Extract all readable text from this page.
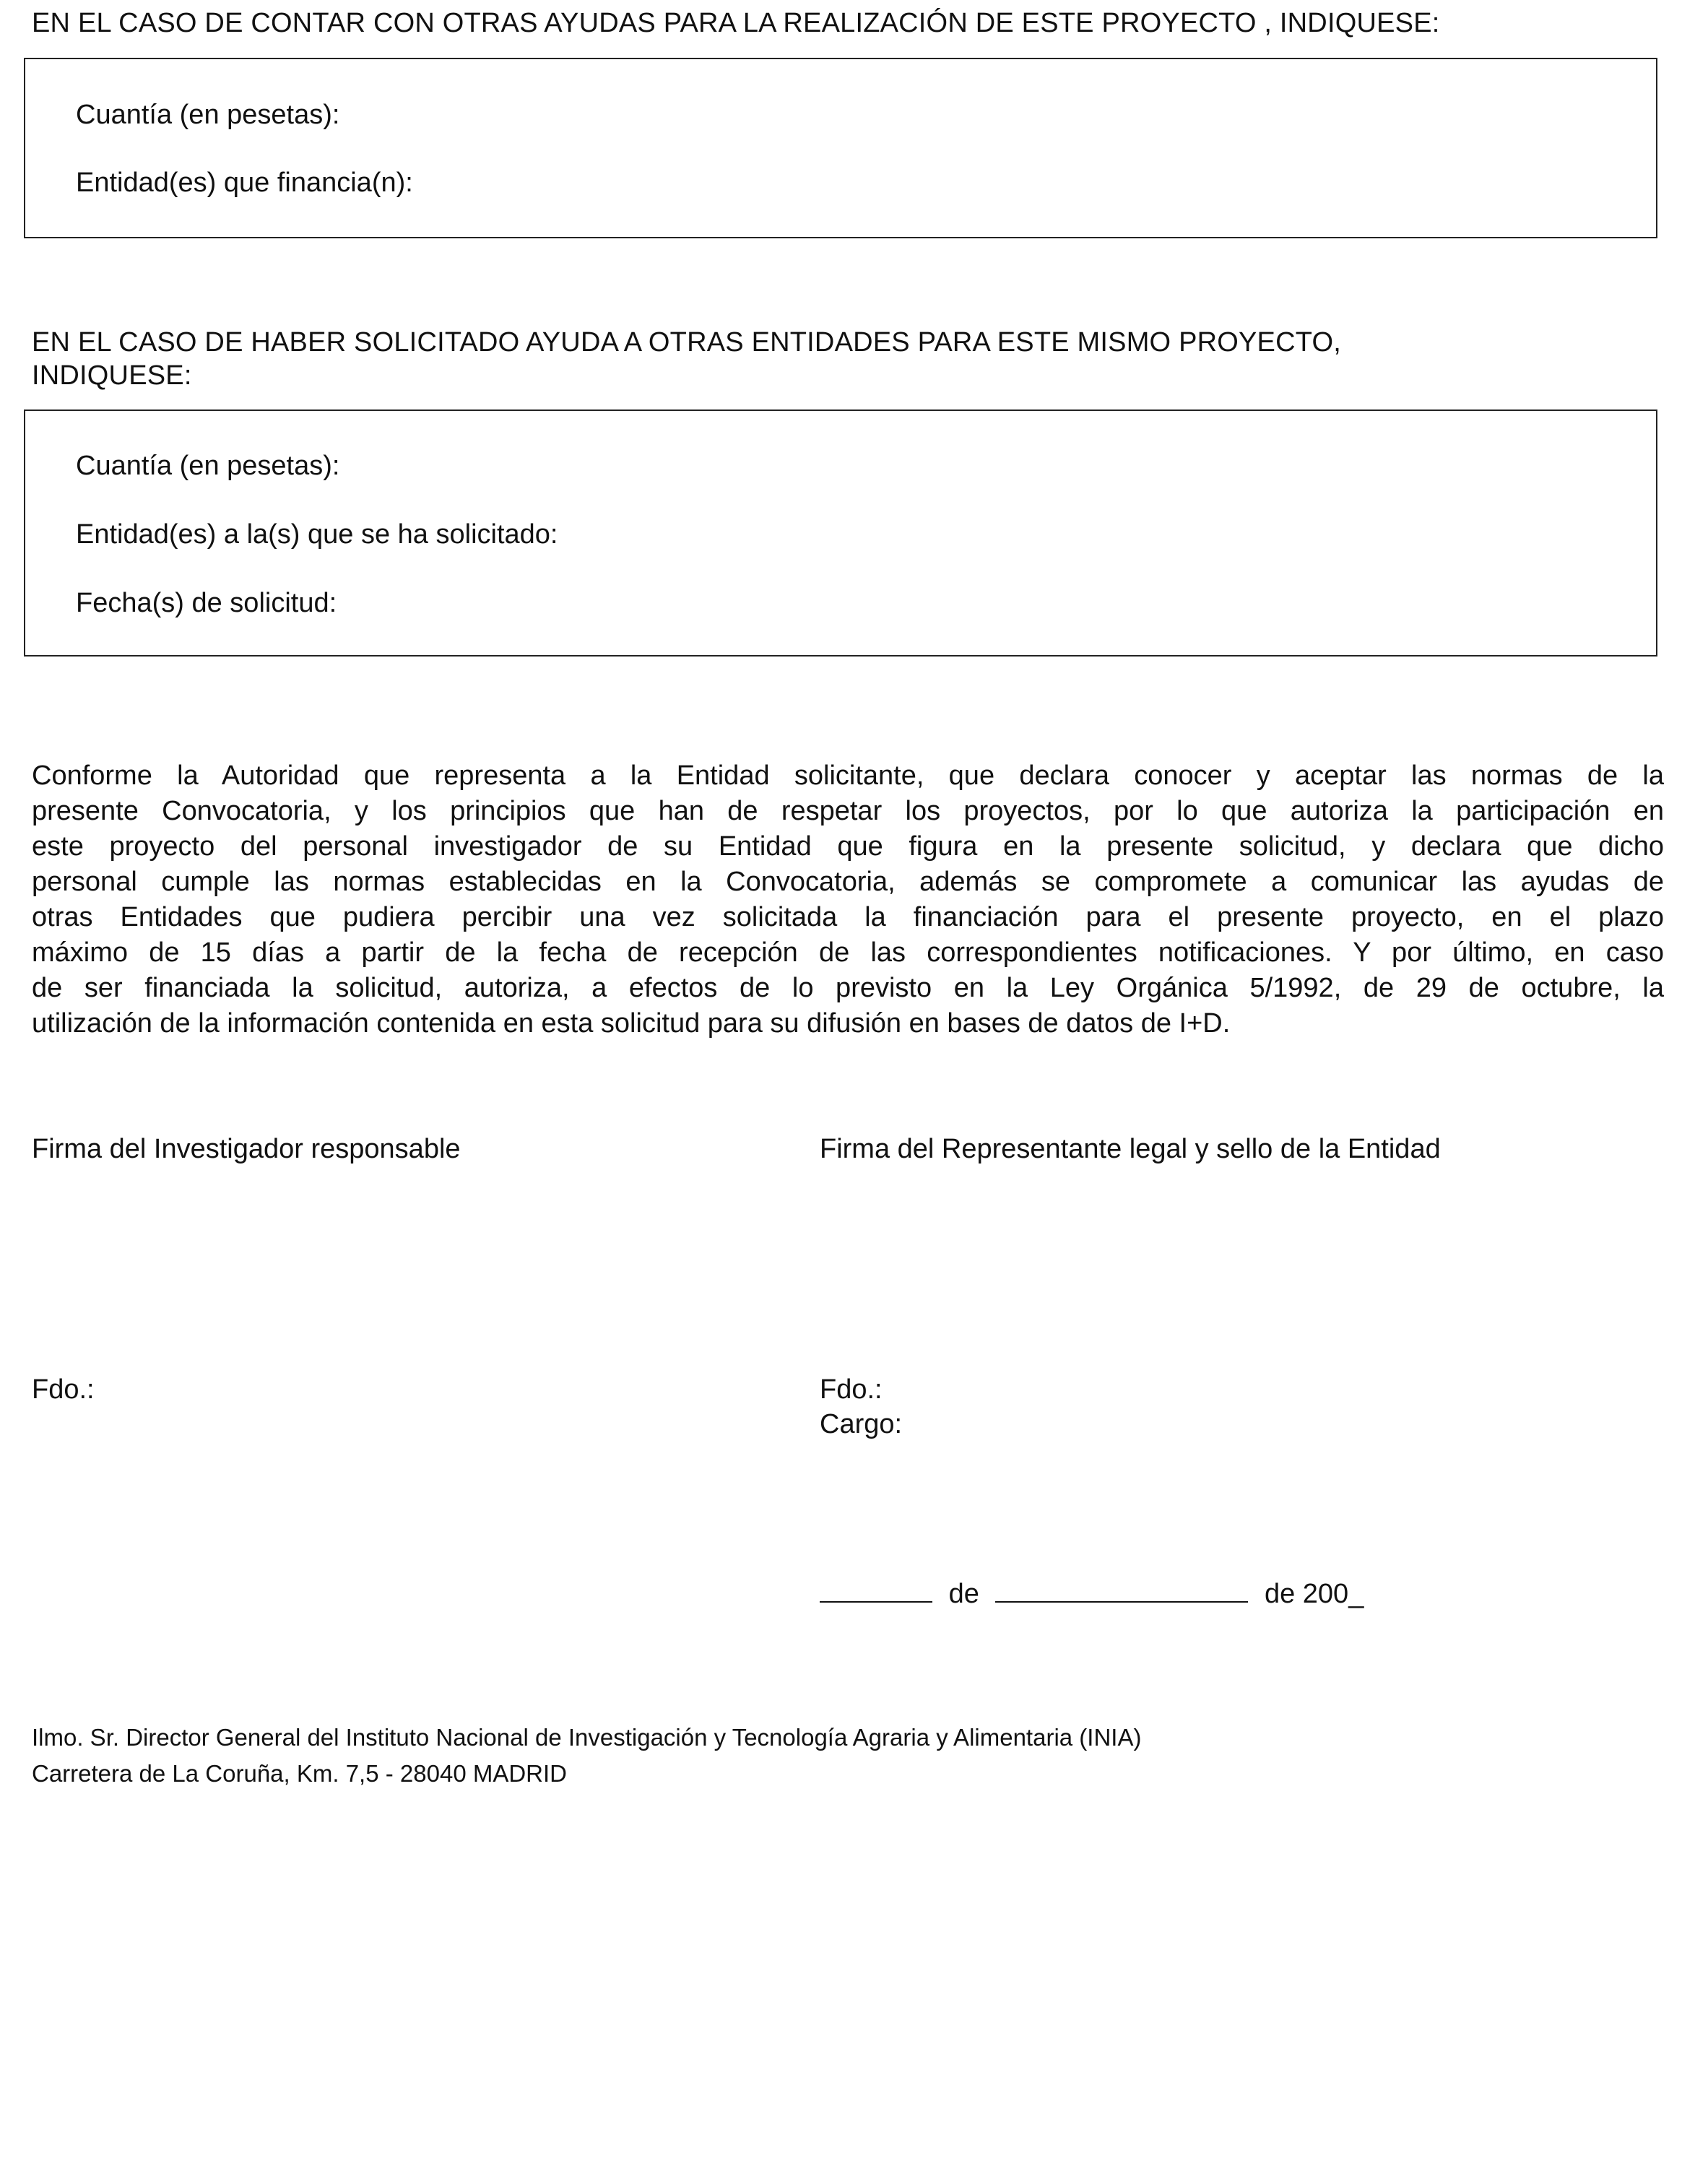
EN EL CASO DE CONTAR CON OTRAS AYUDAS PARA LA REALIZACIÓN DE ESTE PROYECTO , INDIQUESE:
Cuantía (en pesetas):
Entidad(es) que financia(n):
EN EL CASO DE HABER SOLICITADO AYUDA A OTRAS ENTIDADES PARA ESTE MISMO PROYECTO,
INDIQUESE:
Cuantía (en pesetas):
Entidad(es) a la(s) que se ha solicitado:
Fecha(s) de solicitud:
Conforme la Autoridad que representa a la Entidad solicitante, que declara conocer y aceptar las normas de la
presente Convocatoria, y los principios que han de respetar los proyectos, por lo que autoriza la participación en
este proyecto del personal investigador de su Entidad que figura en la presente solicitud, y declara que dicho
personal cumple las normas establecidas en la Convocatoria, además se compromete a comunicar las ayudas de
otras Entidades que pudiera percibir una vez solicitada la financiación para el presente proyecto, en el plazo
máximo de 15 días a partir de la fecha de recepción de las correspondientes notificaciones. Y por último, en caso
de ser financiada la solicitud, autoriza, a efectos de lo previsto en la Ley Orgánica 5/1992, de 29 de octubre, la
utilización de la información contenida en esta solicitud para su difusión en bases de datos de I+D.
Firma del Investigador responsable	Firma del Representante legal y sello de la Entidad
Fdo.:	Fdo.:
Cargo:
de	de 200_
Ilmo. Sr. Director General del Instituto Nacional de Investigación y Tecnología Agraria y Alimentaria (INIA)
Carretera de La Coruña, Km. 7,5 - 28040 MADRID
